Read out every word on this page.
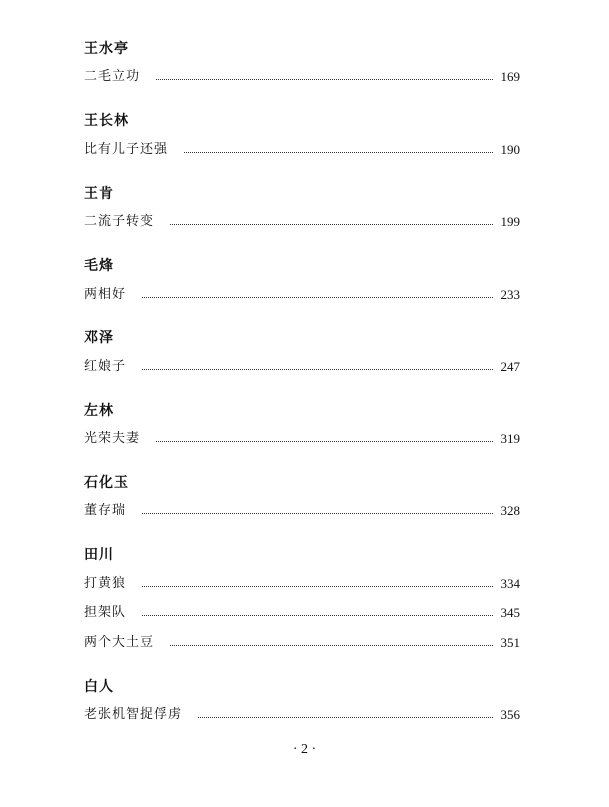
王水亭
二毛立功	169
王长林
比有儿子还强	190
王肯
二流子转变	199
毛烽
两相好	233
邓泽
红娘子	247
左林
光荣夫妻	319
石化玉
董存瑞	328
田川
打黄狼	334
担架队	345
两个大土豆	351
白人
老张机智捉俘虏	356
· 2 ·
